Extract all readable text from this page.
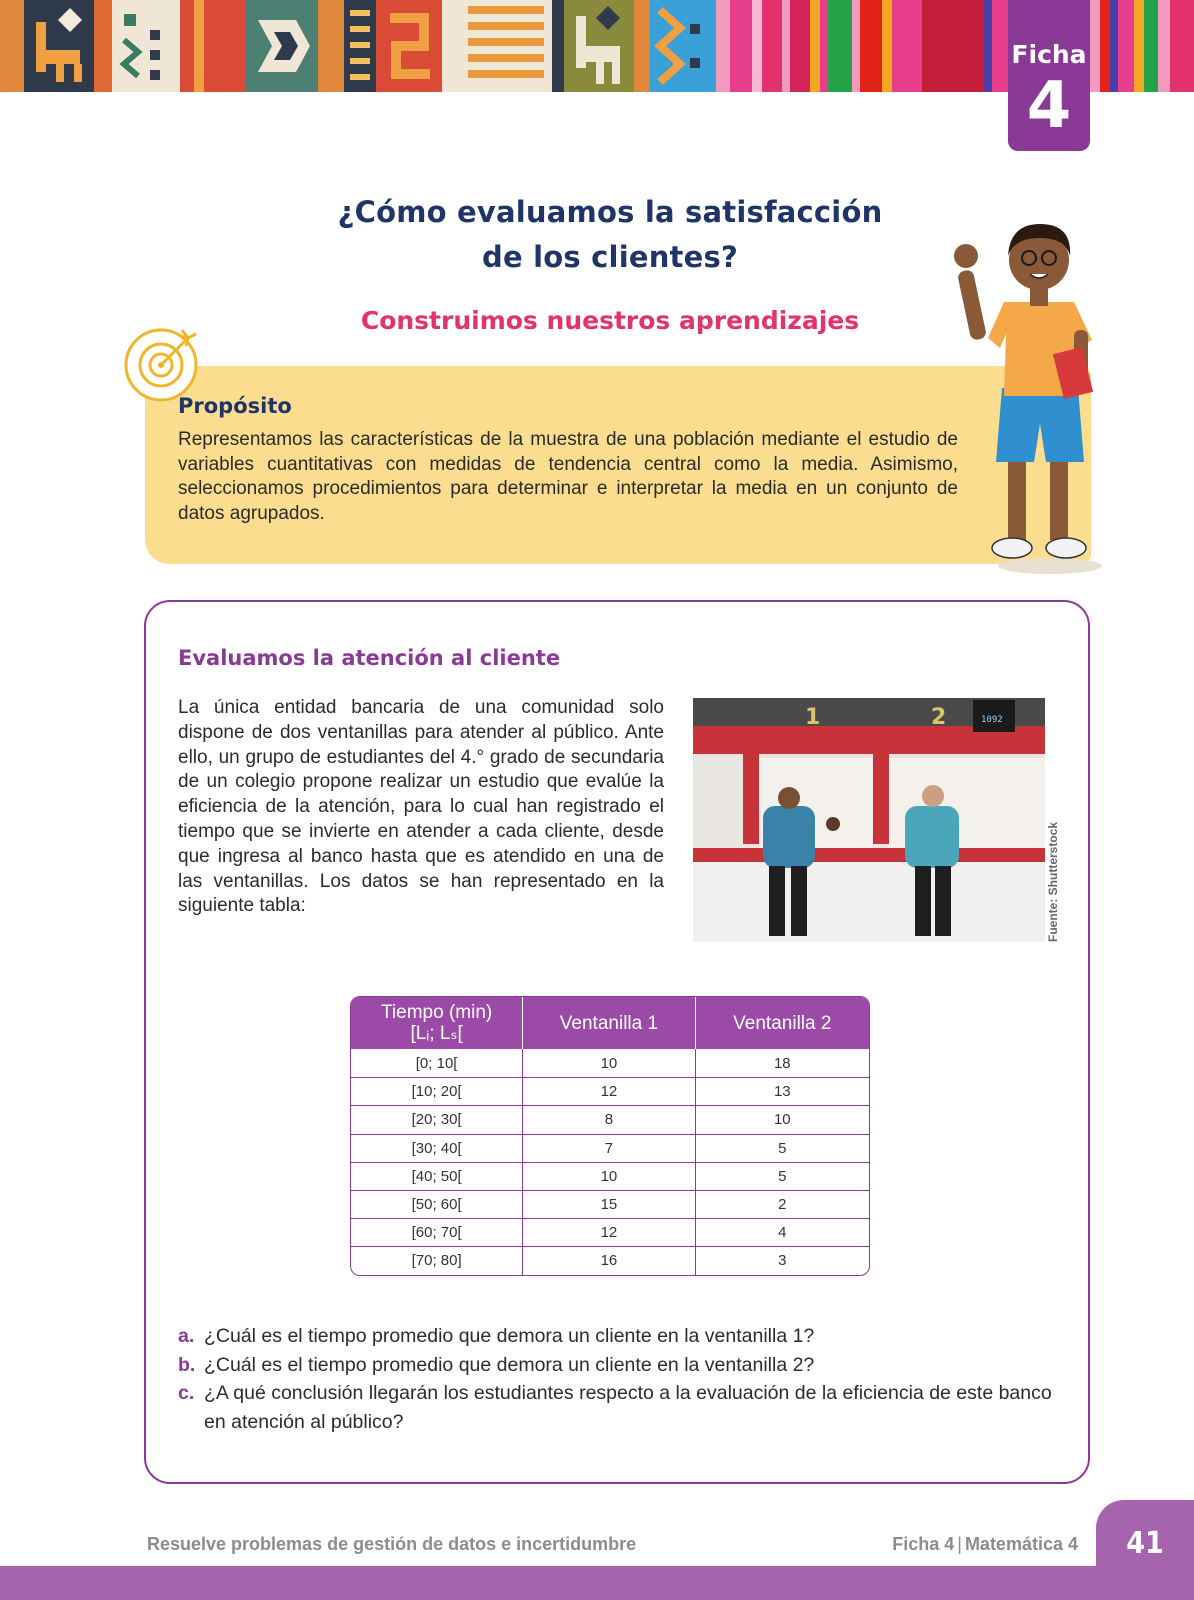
Ficha
4
¿Cómo evaluamos la satisfacción
de los clientes?
Construimos nuestros aprendizajes
Propósito

Representamos las características de la muestra de una población mediante el estudio de variables cuantitativas con medidas de tendencia central como la media. Asimismo, seleccionamos procedimientos para determinar e interpretar la media en un conjunto de datos agrupados.

Evaluamos la atención al cliente

La única entidad bancaria de una comunidad solo dispone de dos ventanillas para atender al público. Ante ello, un grupo de estudiantes del 4.° grado de secundaria de un colegio propone realizar un estudio que evalúe la eficiencia de la atención, para lo cual han registrado el tiempo que se invierte en atender a cada cliente, desde que ingresa al banco hasta que es atendido en una de las ventanillas. Los datos se han representado en la siguiente tabla:

1	2	1092
Fuente: Shutterstock
Tiempo (min)
[Lᵢ; Lₛ[	Ventanilla 1	Ventanilla 2
[0; 10[	10	18
[10; 20[	12	13
[20; 30[	8	10
[30; 40[	7	5
[40; 50[	10	5
[50; 60[	15	2
[60; 70[	12	4
[70; 80]	16	3
a. ¿Cuál es el tiempo promedio que demora un cliente en la ventanilla 1?
b. ¿Cuál es el tiempo promedio que demora un cliente en la ventanilla 2?
c. ¿A qué conclusión llegarán los estudiantes respecto a la evaluación de la eficiencia de este banco en atención al público?
Resuelve problemas de gestión de datos e incertidumbre	Ficha 4 | Matemática 4	41
